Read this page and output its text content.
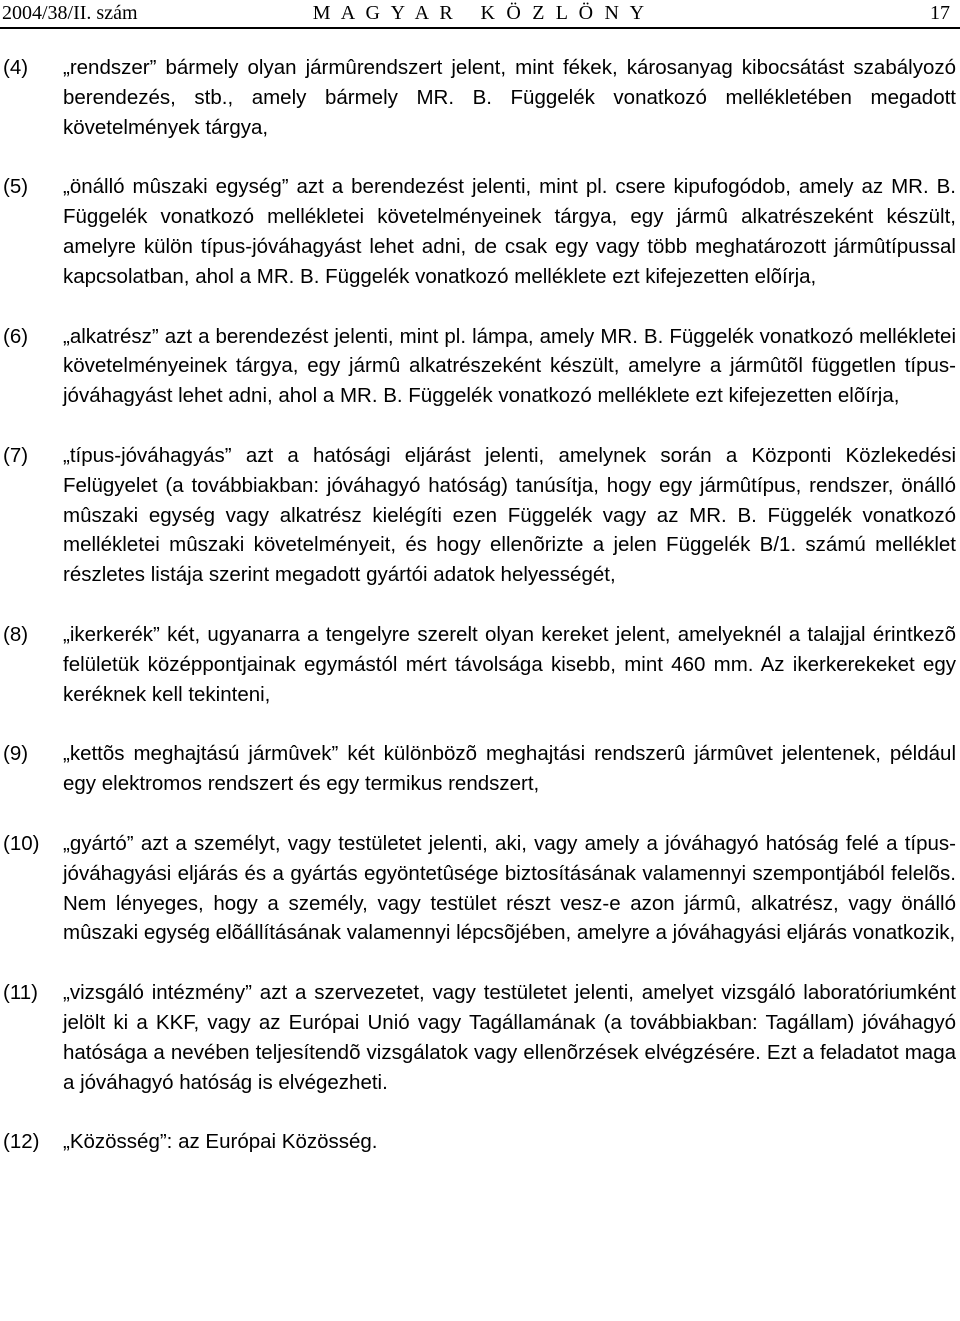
2004/38/II. szám	M A G Y A R   K Ö Z L Ö N Y	17
(4) „rendszer” bármely olyan jármûrendszert jelent, mint fékek, károsanyag kibocsátást szabályozó berendezés, stb., amely bármely MR. B. Függelék vonatkozó mellékletében megadott követelmények tárgya,
(5) „önálló mûszaki egység” azt a berendezést jelenti, mint pl. csere kipufogódob, amely az MR. B. Függelék vonatkozó mellékletei követelményeinek tárgya, egy jármû alkatrészeként készült, amelyre külön típus-jóváhagyást lehet adni, de csak egy vagy több meghatározott jármûtípussal kapcsolatban, ahol a MR. B. Függelék vonatkozó melléklete ezt kifejezetten elõírja,
(6) „alkatrész” azt a berendezést jelenti, mint pl. lámpa, amely MR. B. Függelék vonatkozó mellékletei követelményeinek tárgya, egy jármû alkatrészeként készült, amelyre a jármûtõl független típus-jóváhagyást lehet adni, ahol a MR. B. Függelék vonatkozó melléklete ezt kifejezetten elõírja,
(7) „típus-jóváhagyás” azt a hatósági eljárást jelenti, amelynek során a Központi Közlekedési Felügyelet (a továbbiakban: jóváhagyó hatóság) tanúsítja, hogy egy jármûtípus, rendszer, önálló mûszaki egység vagy alkatrész kielégíti ezen Függelék vagy az MR. B. Függelék vonatkozó mellékletei mûszaki követelményeit, és hogy ellenõrizte a jelen Függelék B/1. számú melléklet részletes listája szerint megadott gyártói adatok helyességét,
(8) „ikerkerék” két, ugyanarra a tengelyre szerelt olyan kereket jelent, amelyeknél a talajjal érintkezõ felületük középpontjainak egymástól mért távolsága kisebb, mint 460 mm. Az ikerkerekeket egy keréknek kell tekinteni,
(9) „kettõs meghajtású jármûvek” két különbözõ meghajtási rendszerû jármûvet jelentenek, például egy elektromos rendszert és egy termikus rendszert,
(10) „gyártó” azt a személyt, vagy testületet jelenti, aki, vagy amely a jóváhagyó hatóság felé a típus-jóváhagyási eljárás és a gyártás egyöntetûsége biztosításának valamennyi szempontjából felelõs. Nem lényeges, hogy a személy, vagy testület részt vesz-e azon jármû, alkatrész, vagy önálló mûszaki egység elõállításának valamennyi lépcsõjében, amelyre a jóváhagyási eljárás vonatkozik,
(11) „vizsgáló intézmény” azt a szervezetet, vagy testületet jelenti, amelyet vizsgáló laboratóriumként jelölt ki a KKF, vagy az Európai Unió vagy Tagállamának (a továbbiakban: Tagállam) jóváhagyó hatósága a nevében teljesítendõ vizsgálatok vagy ellenõrzések elvégzésére. Ezt a feladatot maga a jóváhagyó hatóság is elvégezheti.
(12) „Közösség”: az Európai Közösség.
